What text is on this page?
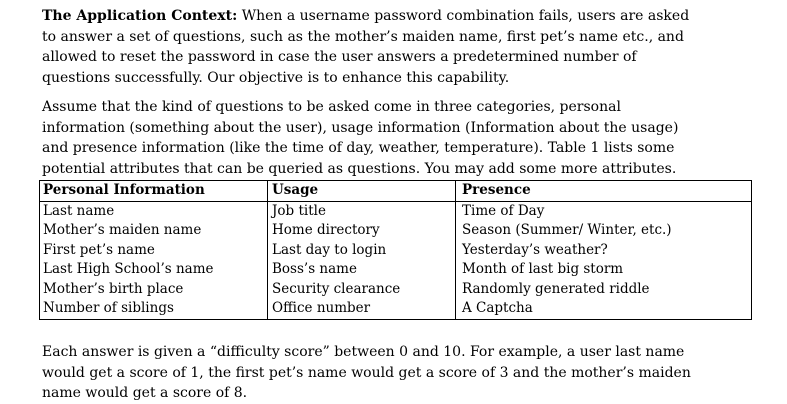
The Application Context: When a username password combination fails, users are asked
to answer a set of questions, such as the mother’s maiden name, first pet’s name etc., and
allowed to reset the password in case the user answers a predetermined number of
questions successfully. Our objective is to enhance this capability.

Assume that the kind of questions to be asked come in three categories, personal
information (something about the user), usage information (Information about the usage)
and presence information (like the time of day, weather, temperature). Table 1 lists some
potential attributes that can be queried as questions. You may add some more attributes.

Personal Information	Usage	Presence
Last name	Job title	Time of Day
Mother’s maiden name	Home directory	Season (Summer/ Winter, etc.)
First pet’s name	Last day to login	Yesterday’s weather?
Last High School’s name	Boss’s name	Month of last big storm
Mother’s birth place	Security clearance	Randomly generated riddle
Number of siblings	Office number	A Captcha

Each answer is given a “difficulty score” between 0 and 10. For example, a user last name
would get a score of 1, the first pet’s name would get a score of 3 and the mother’s maiden
name would get a score of 8.
